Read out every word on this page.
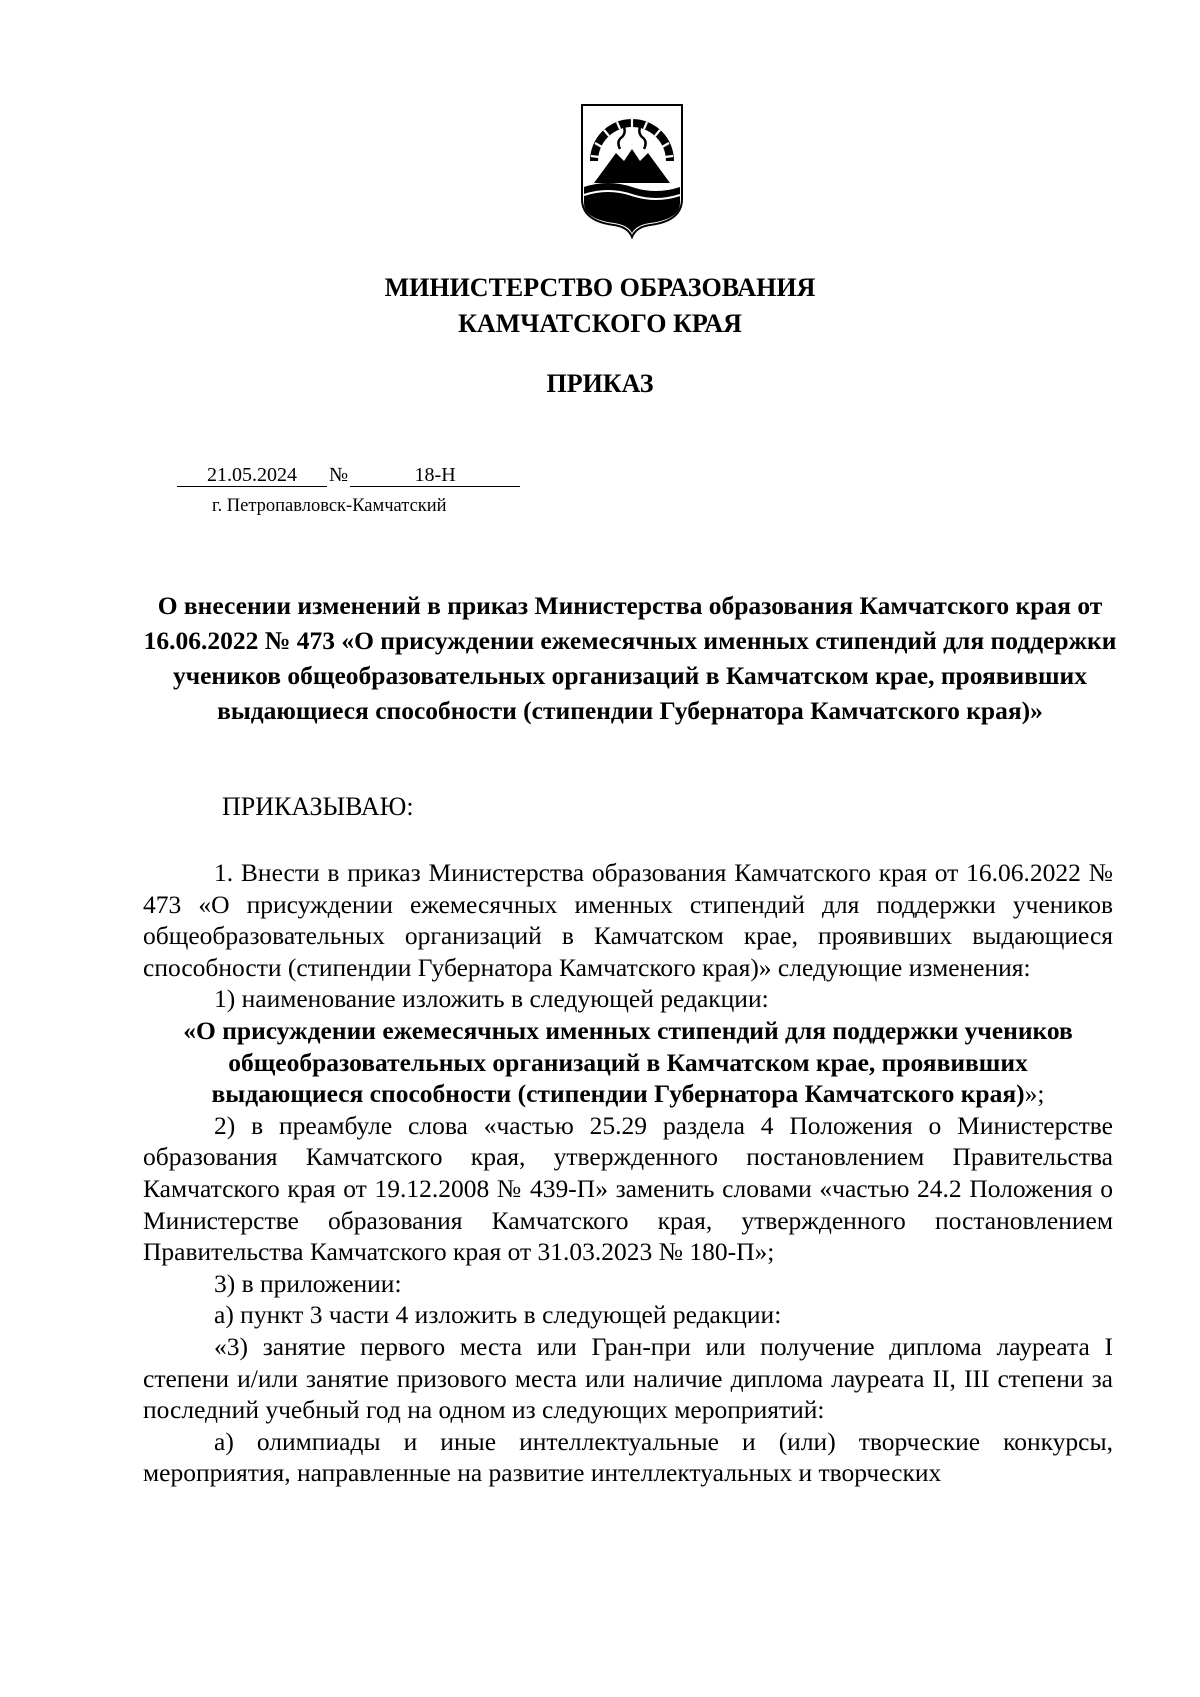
МИНИСТЕРСТВО ОБРАЗОВАНИЯ
КАМЧАТСКОГО КРАЯ
ПРИКАЗ
21.05.2024 №	18-Н
г. Петропавловск-Камчатский
О внесении изменений в приказ Министерства образования Камчатского края от 16.06.2022 № 473 «О присуждении ежемесячных именных стипендий для поддержки учеников общеобразовательных организаций в Камчатском крае, проявивших выдающиеся способности (стипендии Губернатора Камчатского края)»
ПРИКАЗЫВАЮ:

1. Внести в приказ Министерства образования Камчатского края от 16.06.2022 № 473 «О присуждении ежемесячных именных стипендий для поддержки учеников общеобразовательных организаций в Камчатском крае, проявивших выдающиеся способности (стипендии Губернатора Камчатского края)» следующие изменения:

1) наименование изложить в следующей редакции:

«О присуждении ежемесячных именных стипендий для поддержки учеников общеобразовательных организаций в Камчатском крае, проявивших выдающиеся способности (стипендии Губернатора Камчатского края)»;

2) в преамбуле слова «частью 25.29 раздела 4 Положения о Министерстве образования Камчатского края, утвержденного постановлением Правительства Камчатского края от 19.12.2008 № 439-П» заменить словами «частью 24.2 Положения о Министерстве образования Камчатского края, утвержденного постановлением Правительства Камчатского края от 31.03.2023 № 180-П»;

3) в приложении:

а) пункт 3 части 4 изложить в следующей редакции:

«3) занятие первого места или Гран-при или получение диплома лауреата I степени и/или занятие призового места или наличие диплома лауреата II, III степени за последний учебный год на одном из следующих мероприятий:

а) олимпиады и иные интеллектуальные и (или) творческие конкурсы, мероприятия, направленные на развитие интеллектуальных и творческих
